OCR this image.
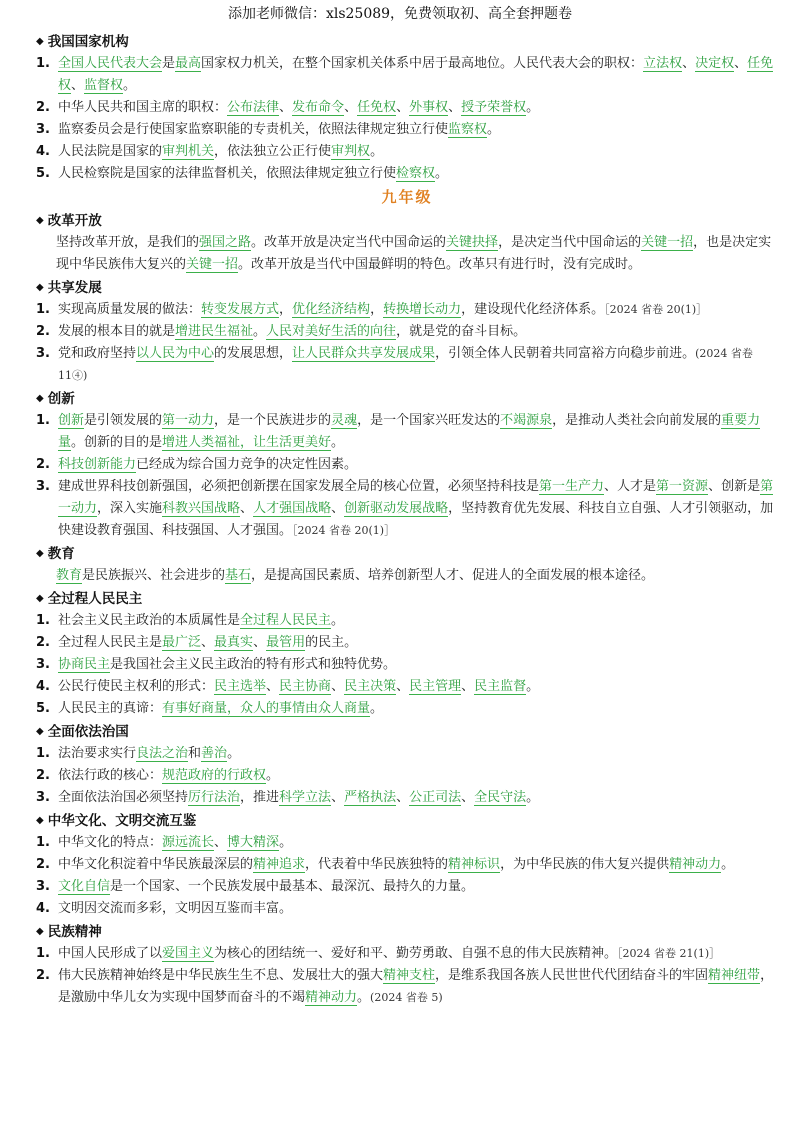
添加老师微信：xls25089，免费领取初、高全套押题卷
◆ 我国国家机构
1. 全国人民代表大会是最高国家权力机关，在整个国家机关体系中居于最高地位。人民代表大会的职权：立法权、决定权、任免权、监督权。
2. 中华人民共和国主席的职权：公布法律、发布命令、任免权、外事权、授予荣誉权。
3. 监察委员会是行使国家监察职能的专责机关，依照法律规定独立行使监察权。
4. 人民法院是国家的审判机关，依法独立公正行使审判权。
5. 人民检察院是国家的法律监督机关，依照法律规定独立行使检察权。
九年级
◆ 改革开放
坚持改革开放，是我们的强国之路。改革开放是决定当代中国命运的关键抉择，是决定当代中国命运的关键一招，也是决定实现中华民族伟大复兴的关键一招。改革开放是当代中国最鲜明的特色。改革只有进行时，没有完成时。
◆ 共享发展
1. 实现高质量发展的做法：转变发展方式，优化经济结构，转换增长动力，建设现代化经济体系。［2024 省卷 20(1)］
2. 发展的根本目的就是增进民生福祉。人民对美好生活的向往，就是党的奋斗目标。
3. 党和政府坚持以人民为中心的发展思想，让人民群众共享发展成果，引领全体人民朝着共同富裕方向稳步前进。(2024 省卷 11④)
◆ 创新
1. 创新是引领发展的第一动力，是一个民族进步的灵魂，是一个国家兴旺发达的不竭源泉，是推动人类社会向前发展的重要力量。创新的目的是增进人类福祉，让生活更美好。
2. 科技创新能力已经成为综合国力竞争的决定性因素。
3. 建成世界科技创新强国，必须把创新摆在国家发展全局的核心位置，必须坚持科技是第一生产力、人才是第一资源、创新是第一动力，深入实施科教兴国战略、人才强国战略、创新驱动发展战略，坚持教育优先发展、科技自立自强、人才引领驱动，加快建设教育强国、科技强国、人才强国。［2024 省卷 20(1)］
◆ 教育
教育是民族振兴、社会进步的基石，是提高国民素质、培养创新型人才、促进人的全面发展的根本途径。
◆ 全过程人民民主
1. 社会主义民主政治的本质属性是全过程人民民主。
2. 全过程人民民主是最广泛、最真实、最管用的民主。
3. 协商民主是我国社会主义民主政治的特有形式和独特优势。
4. 公民行使民主权利的形式：民主选举、民主协商、民主决策、民主管理、民主监督。
5. 人民民主的真谛：有事好商量，众人的事情由众人商量。
◆ 全面依法治国
1. 法治要求实行良法之治和善治。
2. 依法行政的核心：规范政府的行政权。
3. 全面依法治国必须坚持厉行法治，推进科学立法、严格执法、公正司法、全民守法。
◆ 中华文化、文明交流互鉴
1. 中华文化的特点：源远流长、博大精深。
2. 中华文化积淀着中华民族最深层的精神追求，代表着中华民族独特的精神标识，为中华民族的伟大复兴提供精神动力。
3. 文化自信是一个国家、一个民族发展中最基本、最深沉、最持久的力量。
4. 文明因交流而多彩，文明因互鉴而丰富。
◆ 民族精神
1. 中国人民形成了以爱国主义为核心的团结统一、爱好和平、勤劳勇敢、自强不息的伟大民族精神。［2024 省卷 21(1)］
2. 伟大民族精神始终是中华民族生生不息、发展壮大的强大精神支柱，是维系我国各族人民世世代代团结奋斗的牢固精神纽带，是激励中华儿女为实现中国梦而奋斗的不竭精神动力。(2024 省卷 5)
